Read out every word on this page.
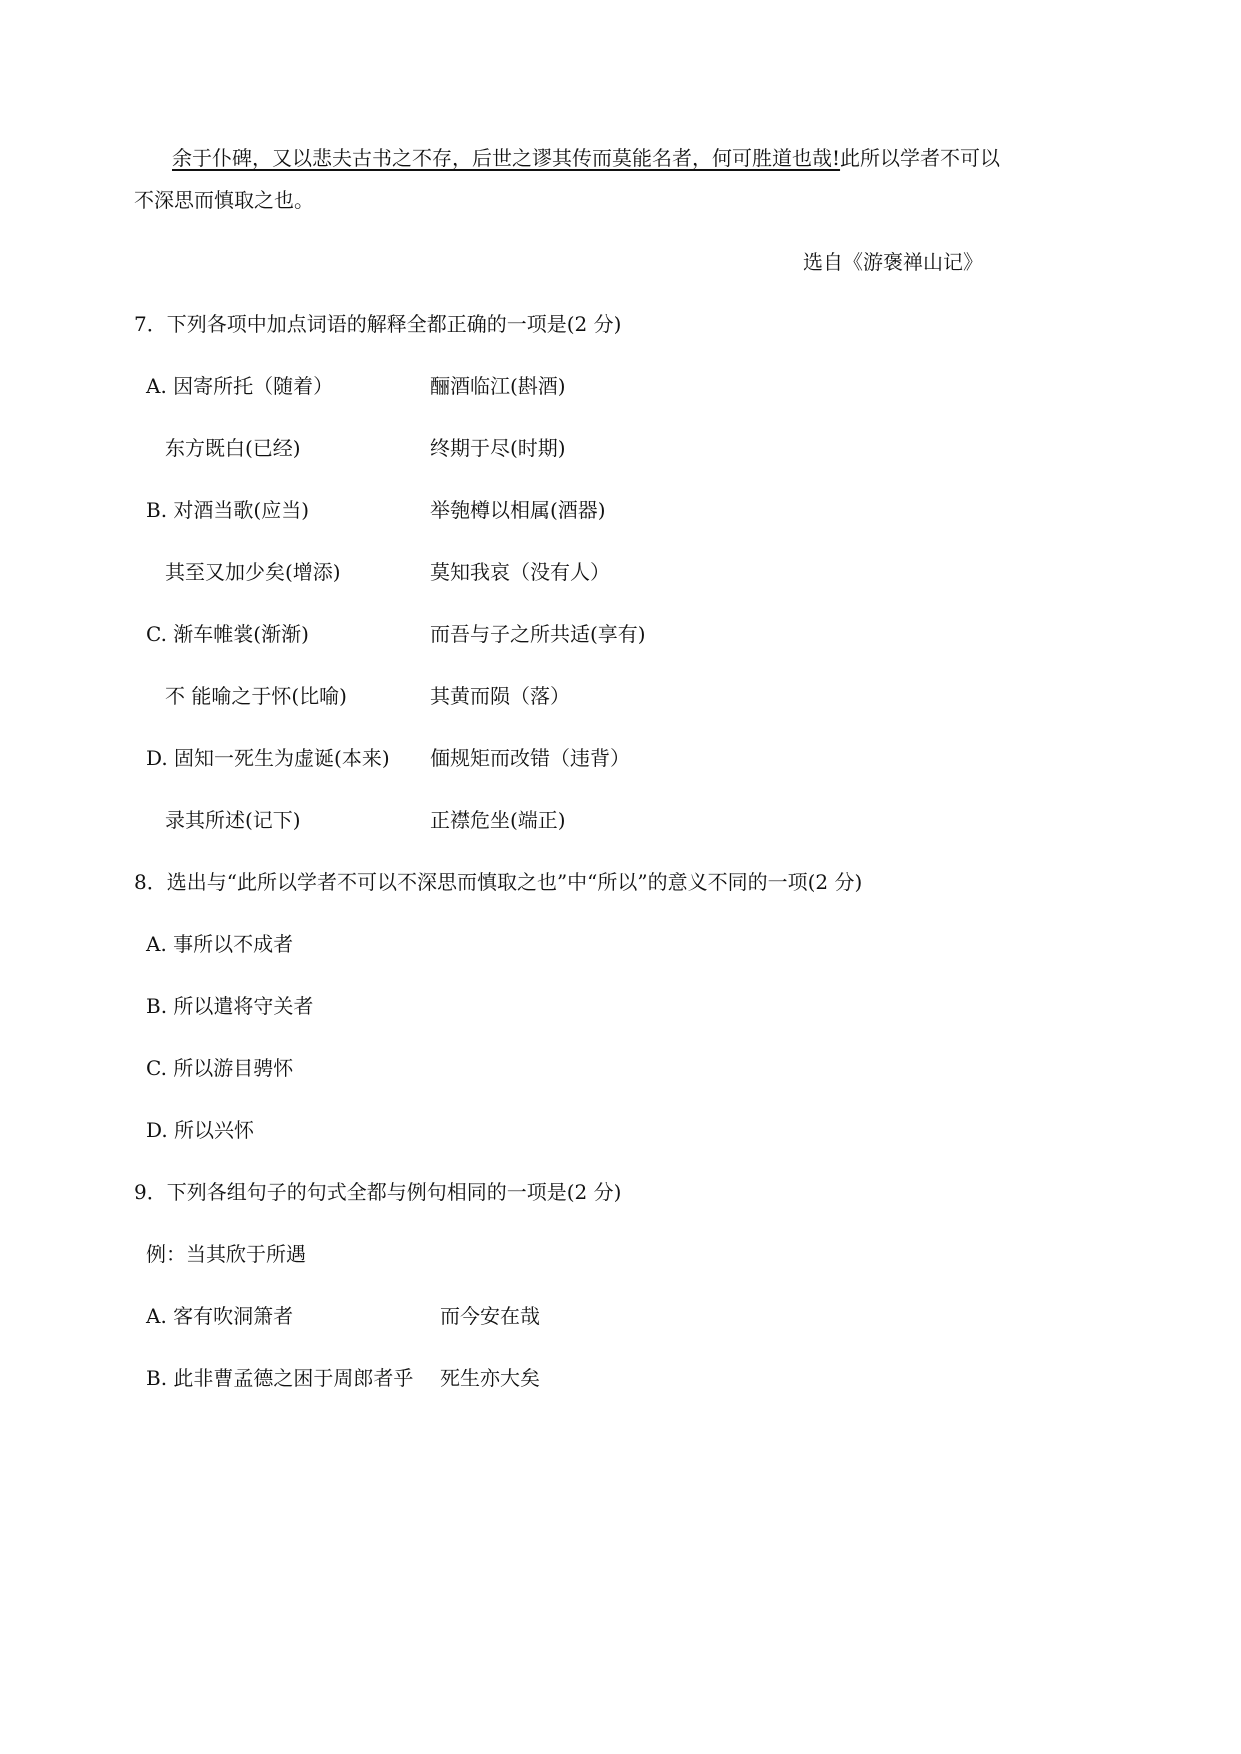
余于仆碑，又以悲夫古书之不存，后世之谬其传而莫能名者，何可胜道也哉!此所以学者不可以
不深思而慎取之也。
选自《游褒禅山记》
7．下列各项中加点词语的解释全都正确的一项是(2 分)
A. 因寄所托（随着）	酾酒临江(斟酒)
东方既白(已经)	终期于尽(时期)
B. 对酒当歌(应当)	举匏樽以相属(酒器)
其至又加少矣(增添)	莫知我哀（没有人）
C. 渐车帷裳(渐渐)	而吾与子之所共适(享有)
不 能喻之于怀(比喻)	其黄而陨（落）
D. 固知一死生为虚诞(本来) 偭规矩而改错（违背）
录其所述(记下)	正襟危坐(端正)
8．选出与“此所以学者不可以不深思而慎取之也”中“所以”的意义不同的一项(2 分)
A. 事所以不成者
B. 所以遣将守关者
C. 所以游目骋怀
D. 所以兴怀
9．下列各组句子的句式全都与例句相同的一项是(2 分)
例：当其欣于所遇
A. 客有吹洞箫者	而今安在哉
B. 此非曹孟德之困于周郎者乎 死生亦大矣
